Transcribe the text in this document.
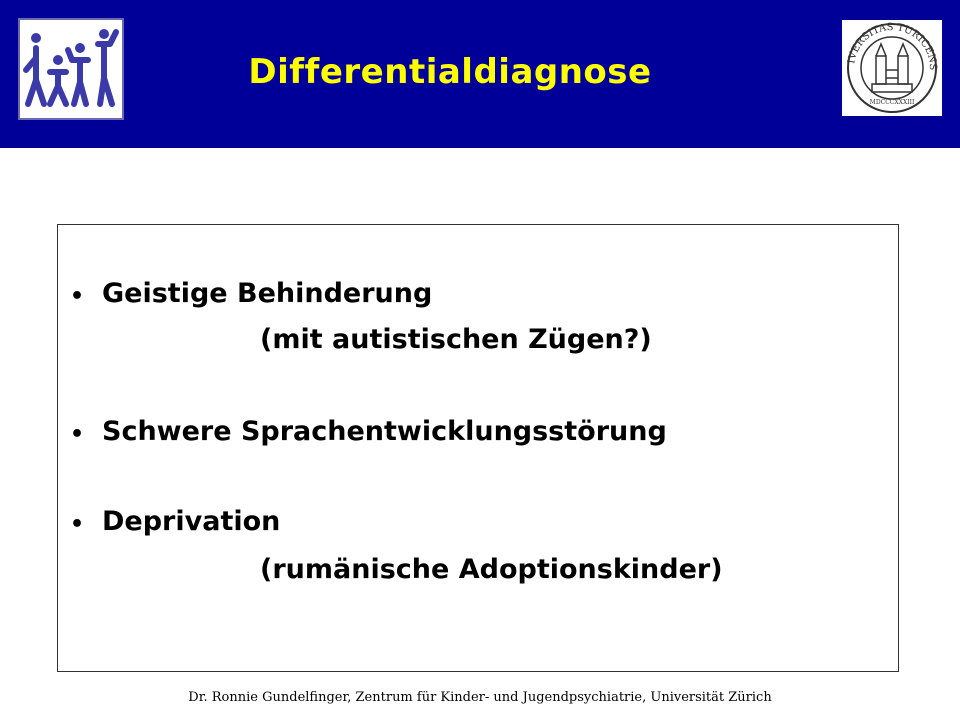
Differentialdiagnose	IVERSITAS TURICENS
MDCCCXXXIII
• Geistige Behinderung
(mit autistischen Zügen?)
• Schwere Sprachentwicklungsstörung
• Deprivation
(rumänische Adoptionskinder)
Dr. Ronnie Gundelfinger, Zentrum für Kinder- und Jugendpsychiatrie, Universität Zürich
